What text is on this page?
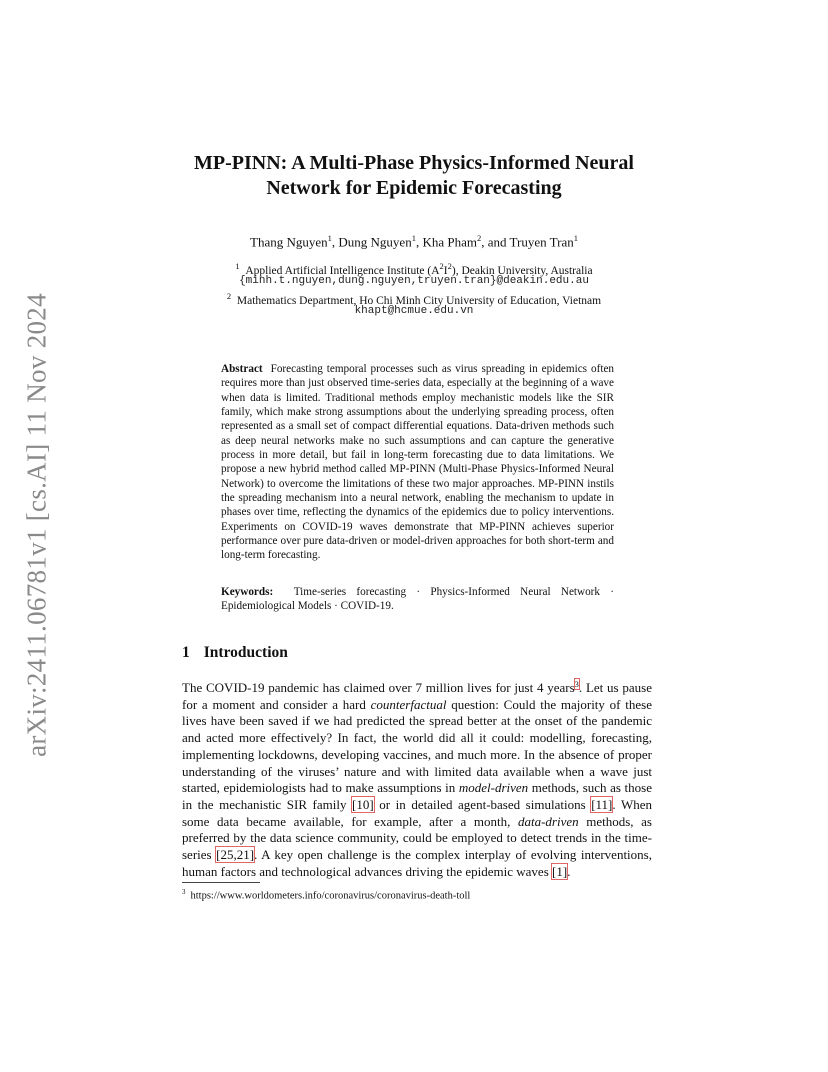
arXiv:2411.06781v1 [cs.AI] 11 Nov 2024
MP-PINN: A Multi-Phase Physics-Informed Neural
Network for Epidemic Forecasting
Thang Nguyen$^1$, Dung Nguyen$^1$, Kha Pham$^2$, and Truyen Tran$^1$
$^1$ Applied Artificial Intelligence Institute $(A^2I^2)$, Deakin University, Australia
{minh.t.nguyen,dung.nguyen,truyen.tran}@deakin.edu.au
$^2$ Mathematics Department, Ho Chi Minh City University of Education, Vietnam
khapt@hcmue.edu.vn
Abstract Forecasting temporal processes such as virus spreading in epidemics often requires more than just observed time-series data, especially at the beginning of a wave when data is limited. Traditional methods employ mechanistic models like the SIR family, which make strong assumptions about the underlying spreading process, often represented as a small set of compact differential equations. Data-driven methods such as deep neural networks make no such assumptions and can capture the generative process in more detail, but fail in long-term forecasting due to data limitations. We propose a new hybrid method called MP-PINN (Multi-Phase Physics-Informed Neural Network) to overcome the limitations of these two major approaches. MP-PINN instils the spreading mechanism into a neural network, enabling the mechanism to update in phases over time, reflecting the dynamics of the epidemics due to policy interventions. Experiments on COVID-19 waves demonstrate that MP-PINN achieves superior performance over pure data-driven or model-driven approaches for both short-term and long-term forecasting.
Keywords: Time-series forecasting · Physics-Informed Neural Network · Epidemiological Models · COVID-19.
1 Introduction

The COVID-19 pandemic has claimed over 7 million lives for just 4 years$^3$. Let us pause for a moment and consider a hard counterfactual question: Could the majority of these lives have been saved if we had predicted the spread better at the onset of the pandemic and acted more effectively? In fact, the world did all it could: modelling, forecasting, implementing lockdowns, developing vaccines, and much more. In the absence of proper understanding of the viruses’ nature and with limited data available when a wave just started, epidemiologists had to make assumptions in model-driven methods, such as those in the mechanistic SIR family [10] or in detailed agent-based simulations [11]. When some data became available, for example, after a month, data-driven methods, as preferred by the data science community, could be employed to detect trends in the time-series [25,21]. A key open challenge is the complex interplay of evolving interventions, human factors and technological advances driving the epidemic waves [1].

$^3$ https://www.worldometers.info/coronavirus/coronavirus-death-toll
